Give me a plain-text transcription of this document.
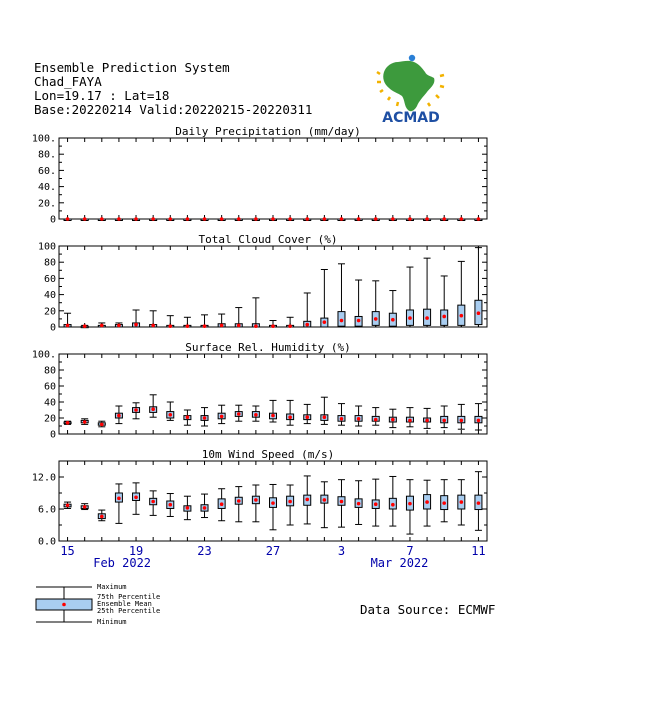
Ensemble Prediction System
Chad_FAYA
Lon=19.17 : Lat=18
Base:20220214 Valid:20220215-20220311
ACMAD
Daily Precipitation (mm/day)
0
20.
40.
60.
80.
100.
Total Cloud Cover (%)
0
20
40
60
80
100
Surface Rel. Humidity (%)
0
20
40
60
80
100.
10m Wind Speed (m/s)
0.0
6.0
12.0
15	19	23	27	3	7	11
Feb 2022	Mar 2022
Maximum
75th Percentile
Ensemble Mean
25th Percentile
Minimum
Data Source: ECMWF
